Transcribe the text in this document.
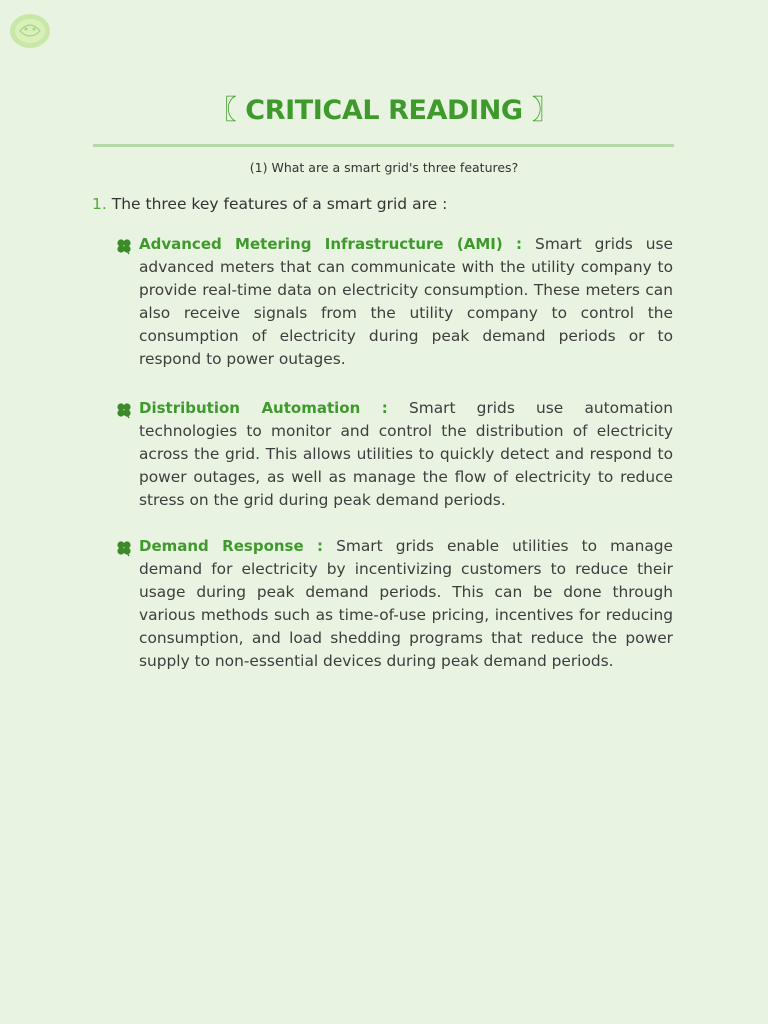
〖 CRITICAL READING 〗
(1) What are a smart grid's three features?
1. The three key features of a smart grid are :
Advanced Metering Infrastructure (AMI) : Smart grids use advanced meters that can communicate with the utility company to provide real-time data on electricity consumption. These meters can also receive signals from the utility company to control the consumption of electricity during peak demand periods or to respond to power outages.
Distribution Automation : Smart grids use automation technologies to monitor and control the distribution of electricity across the grid. This allows utilities to quickly detect and respond to power outages, as well as manage the flow of electricity to reduce stress on the grid during peak demand periods.
Demand Response : Smart grids enable utilities to manage demand for electricity by incentivizing customers to reduce their usage during peak demand periods. This can be done through various methods such as time-of-use pricing, incentives for reducing consumption, and load shedding programs that reduce the power supply to non-essential devices during peak demand periods.
